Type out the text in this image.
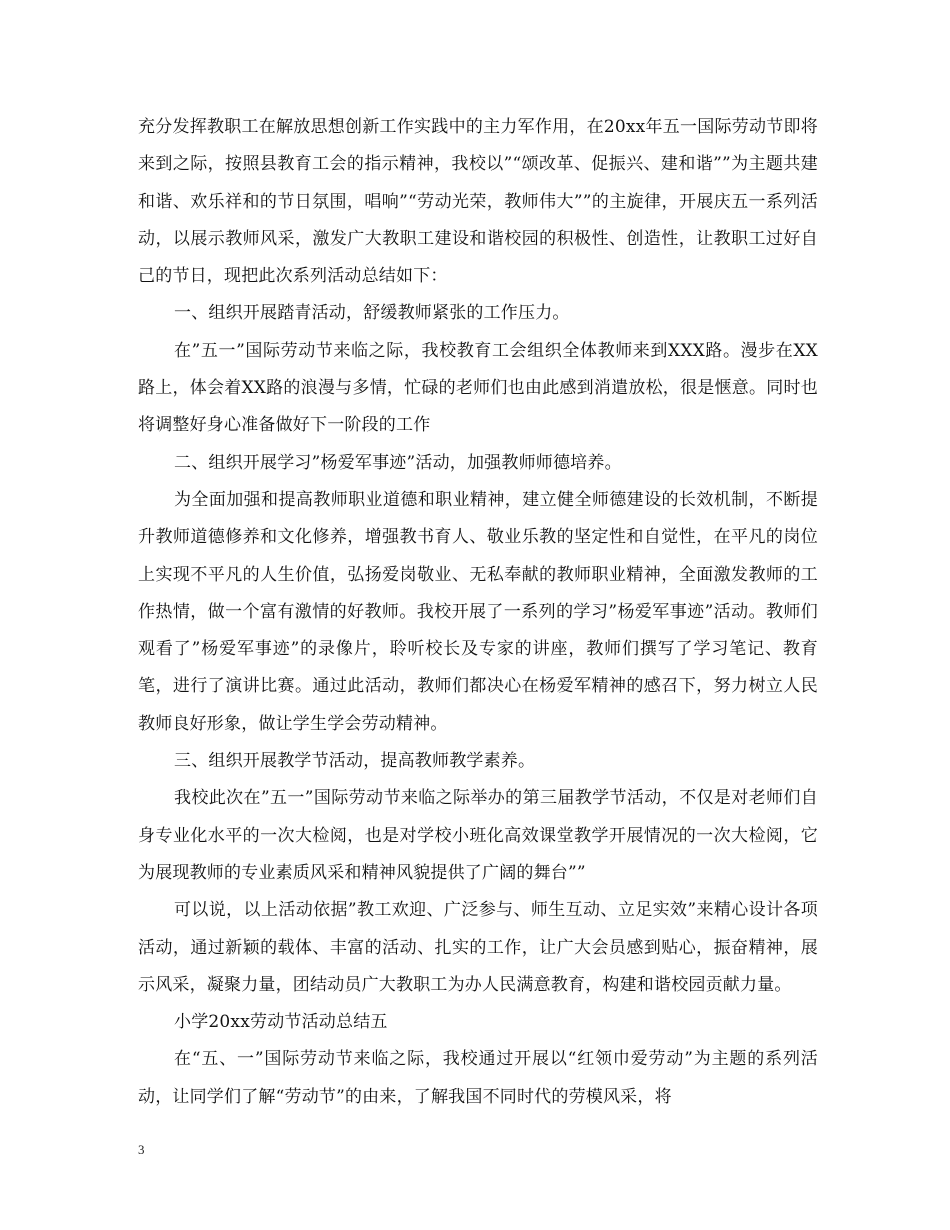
充分发挥教职工在解放思想创新工作实践中的主力军作用，在20xx年五一国际劳动节即将来到之际，按照县教育工会的指示精神，我校以”“颂改革、促振兴、建和谐””为主题共建和谐、欢乐祥和的节日氛围，唱响”“劳动光荣，教师伟大””的主旋律，开展庆五一系列活动，以展示教师风采，激发广大教职工建设和谐校园的积极性、创造性，让教职工过好自己的节日，现把此次系列活动总结如下：

一、组织开展踏青活动，舒缓教师紧张的工作压力。

在”五一”国际劳动节来临之际，我校教育工会组织全体教师来到XXX路。漫步在XX路上，体会着XX路的浪漫与多情，忙碌的老师们也由此感到消遣放松，很是惬意。同时也将调整好身心准备做好下一阶段的工作

二、组织开展学习”杨爱军事迹”活动，加强教师师德培养。

为全面加强和提高教师职业道德和职业精神，建立健全师德建设的长效机制，不断提升教师道德修养和文化修养，增强教书育人、敬业乐教的坚定性和自觉性，在平凡的岗位上实现不平凡的人生价值，弘扬爱岗敬业、无私奉献的教师职业精神，全面激发教师的工作热情，做一个富有激情的好教师。我校开展了一系列的学习”杨爱军事迹”活动。教师们观看了”杨爱军事迹”的录像片，聆听校长及专家的讲座，教师们撰写了学习笔记、教育笔，进行了演讲比赛。通过此活动，教师们都决心在杨爱军精神的感召下，努力树立人民教师良好形象，做让学生学会劳动精神。

三、组织开展教学节活动，提高教师教学素养。

我校此次在”五一”国际劳动节来临之际举办的第三届教学节活动，不仅是对老师们自身专业化水平的一次大检阅，也是对学校小班化高效课堂教学开展情况的一次大检阅，它为展现教师的专业素质风采和精神风貌提供了广阔的舞台””

可以说，以上活动依据”教工欢迎、广泛参与、师生互动、立足实效”来精心设计各项活动，通过新颖的载体、丰富的活动、扎实的工作，让广大会员感到贴心，振奋精神，展示风采，凝聚力量，团结动员广大教职工为办人民满意教育，构建和谐校园贡献力量。

小学20xx劳动节活动总结五

在“五、一”国际劳动节来临之际，我校通过开展以“红领巾爱劳动”为主题的系列活动，让同学们了解“劳动节”的由来，了解我国不同时代的劳模风采，将

3
